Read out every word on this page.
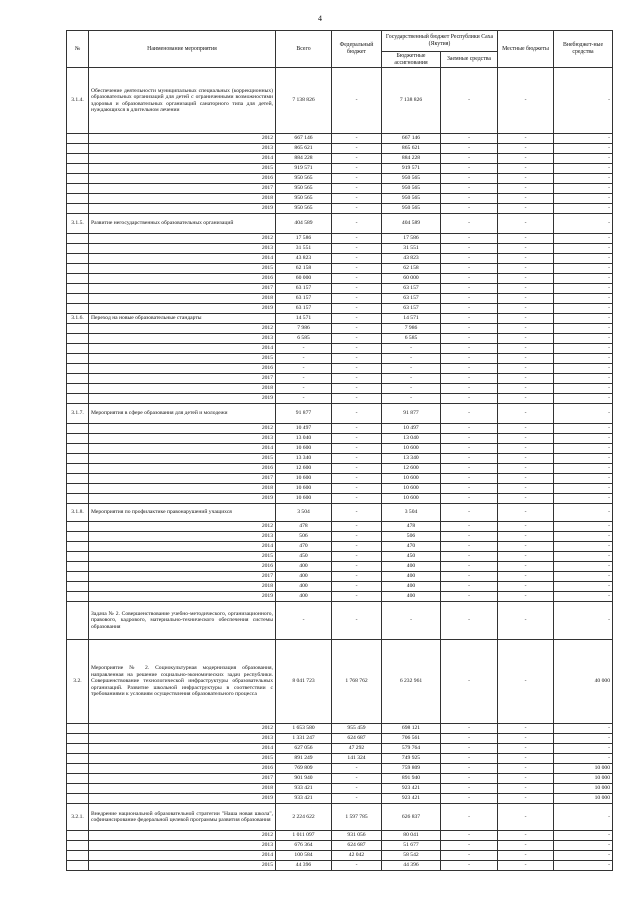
4
№	Наименование мероприятия	Всего	Федеральный бюджет	Государственный бюджет Республики Саха (Якутия)		Местные бюджеты	Внебюджет-ные средства
				Бюджетные ассигнования	Заемные средства		
3.1.4.	Обеспечение деятельности муниципальных специальных (коррекционных) образовательных организаций для детей с ограниченными возможностями здоровья и образовательных организаций санаторного типа для детей, нуждающихся в длительном лечении	7 138 826	-	7 138 826	-	-	-
	2012	667 146	-	667 146	-	-	-
	2013	865 621	-	865 621	-	-	-
	2014	884 228	-	884 228	-	-	-
	2015	919 571	-	919 571	-	-	-
	2016	950 565	-	950 565	-	-	-
	2017	950 565	-	950 565	-	-	-
	2018	950 565	-	950 565	-	-	-
	2019	950 565	-	950 565	-	-	-
3.1.5.	Развитие негосударственных образовательных организаций	404 589	-	404 589	-	-	-
	2012	17 586	-	17 586	-	-	-
	2013	31 551	-	31 551	-	-	-
	2014	43 823	-	43 823	-	-	-
	2015	62 158	-	62 158	-	-	-
	2016	60 000	-	60 000	-	-	-
	2017	63 157	-	63 157	-	-	-
	2018	63 157	-	63 157	-	-	-
	2019	63 157	-	63 157	-	-	-
3.1.6.	Переход на новые образовательные стандарты	14 571	-	14 571	-	-	-
	2012	7 986	-	7 986	-	-	-
	2013	6 585	-	6 585	-	-	-
	2014	-	-	-	-	-	-
	2015	-	-	-	-	-	-
	2016	-	-	-	-	-	-
	2017	-	-	-	-	-	-
	2018	-	-	-	-	-	-
	2019	-	-	-	-	-	-
3.1.7.	Мероприятия в сфере образования для детей и молодежи	91 877	-	91 877	-	-	-
	2012	10 497	-	10 497	-	-	-
	2013	13 040	-	13 040	-	-	-
	2014	10 600	-	10 600	-	-	-
	2015	13 340	-	13 340	-	-	-
	2016	12 600	-	12 600	-	-	-
	2017	10 600	-	10 600	-	-	-
	2018	10 600	-	10 600	-	-	-
	2019	10 600	-	10 600	-	-	-
3.1.8.	Мероприятия по профилактике правонарушений учащихся	3 504	-	3 504	-	-	-
	2012	478	-	478	-	-	-
	2013	506	-	506	-	-	-
	2014	470	-	470	-	-	-
	2015	450	-	450	-	-	-
	2016	400	-	400	-	-	-
	2017	400	-	400	-	-	-
	2018	400	-	400	-	-	-
	2019	400	-	400	-	-	-
	Задача № 2. Совершенствование учебно-методического, организационного, правового, кадрового, материально-технического обеспечения системы образования	-	-	-	-	-	-
3.2.	Мероприятие № 2. Социокультурная модернизация образования, направленная на решение социально-экономических задач республики. Совершенствование технологической инфраструктуры образовательных организаций. Развитие школьной инфраструктуры в соответствии с требованиями к условиям осуществления образовательного процесса	8 041 723	1 768 762	6 232 961	-	-	40 000
	2012	1 653 580	955 459	698 121	-	-	-
	2013	1 331 247	624 687	706 561	-	-	-
	2014	627 056	47 292	579 764	-	-	-
	2015	891 249	141 324	749 925	-	-	-
	2016	769 809	-	759 809	-	-	10 000
	2017	901 940	-	891 940	-	-	10 000
	2018	933 421	-	923 421	-	-	10 000
	2019	933 421	-	923 421	-	-	10 000
3.2.1.	Внедрение национальной образовательной стратегии "Наша новая школа", софинансирование федеральной целевой программы развития образования	2 224 622	1 597 785	626 837	-	-	-
	2012	1 011 097	931 056	80 041	-	-	-
	2013	676 364	624 687	51 677	-	-	-
	2014	100 584	42 042	58 542	-	-	-
	2015	44 396	-	44 396	-	-	-
